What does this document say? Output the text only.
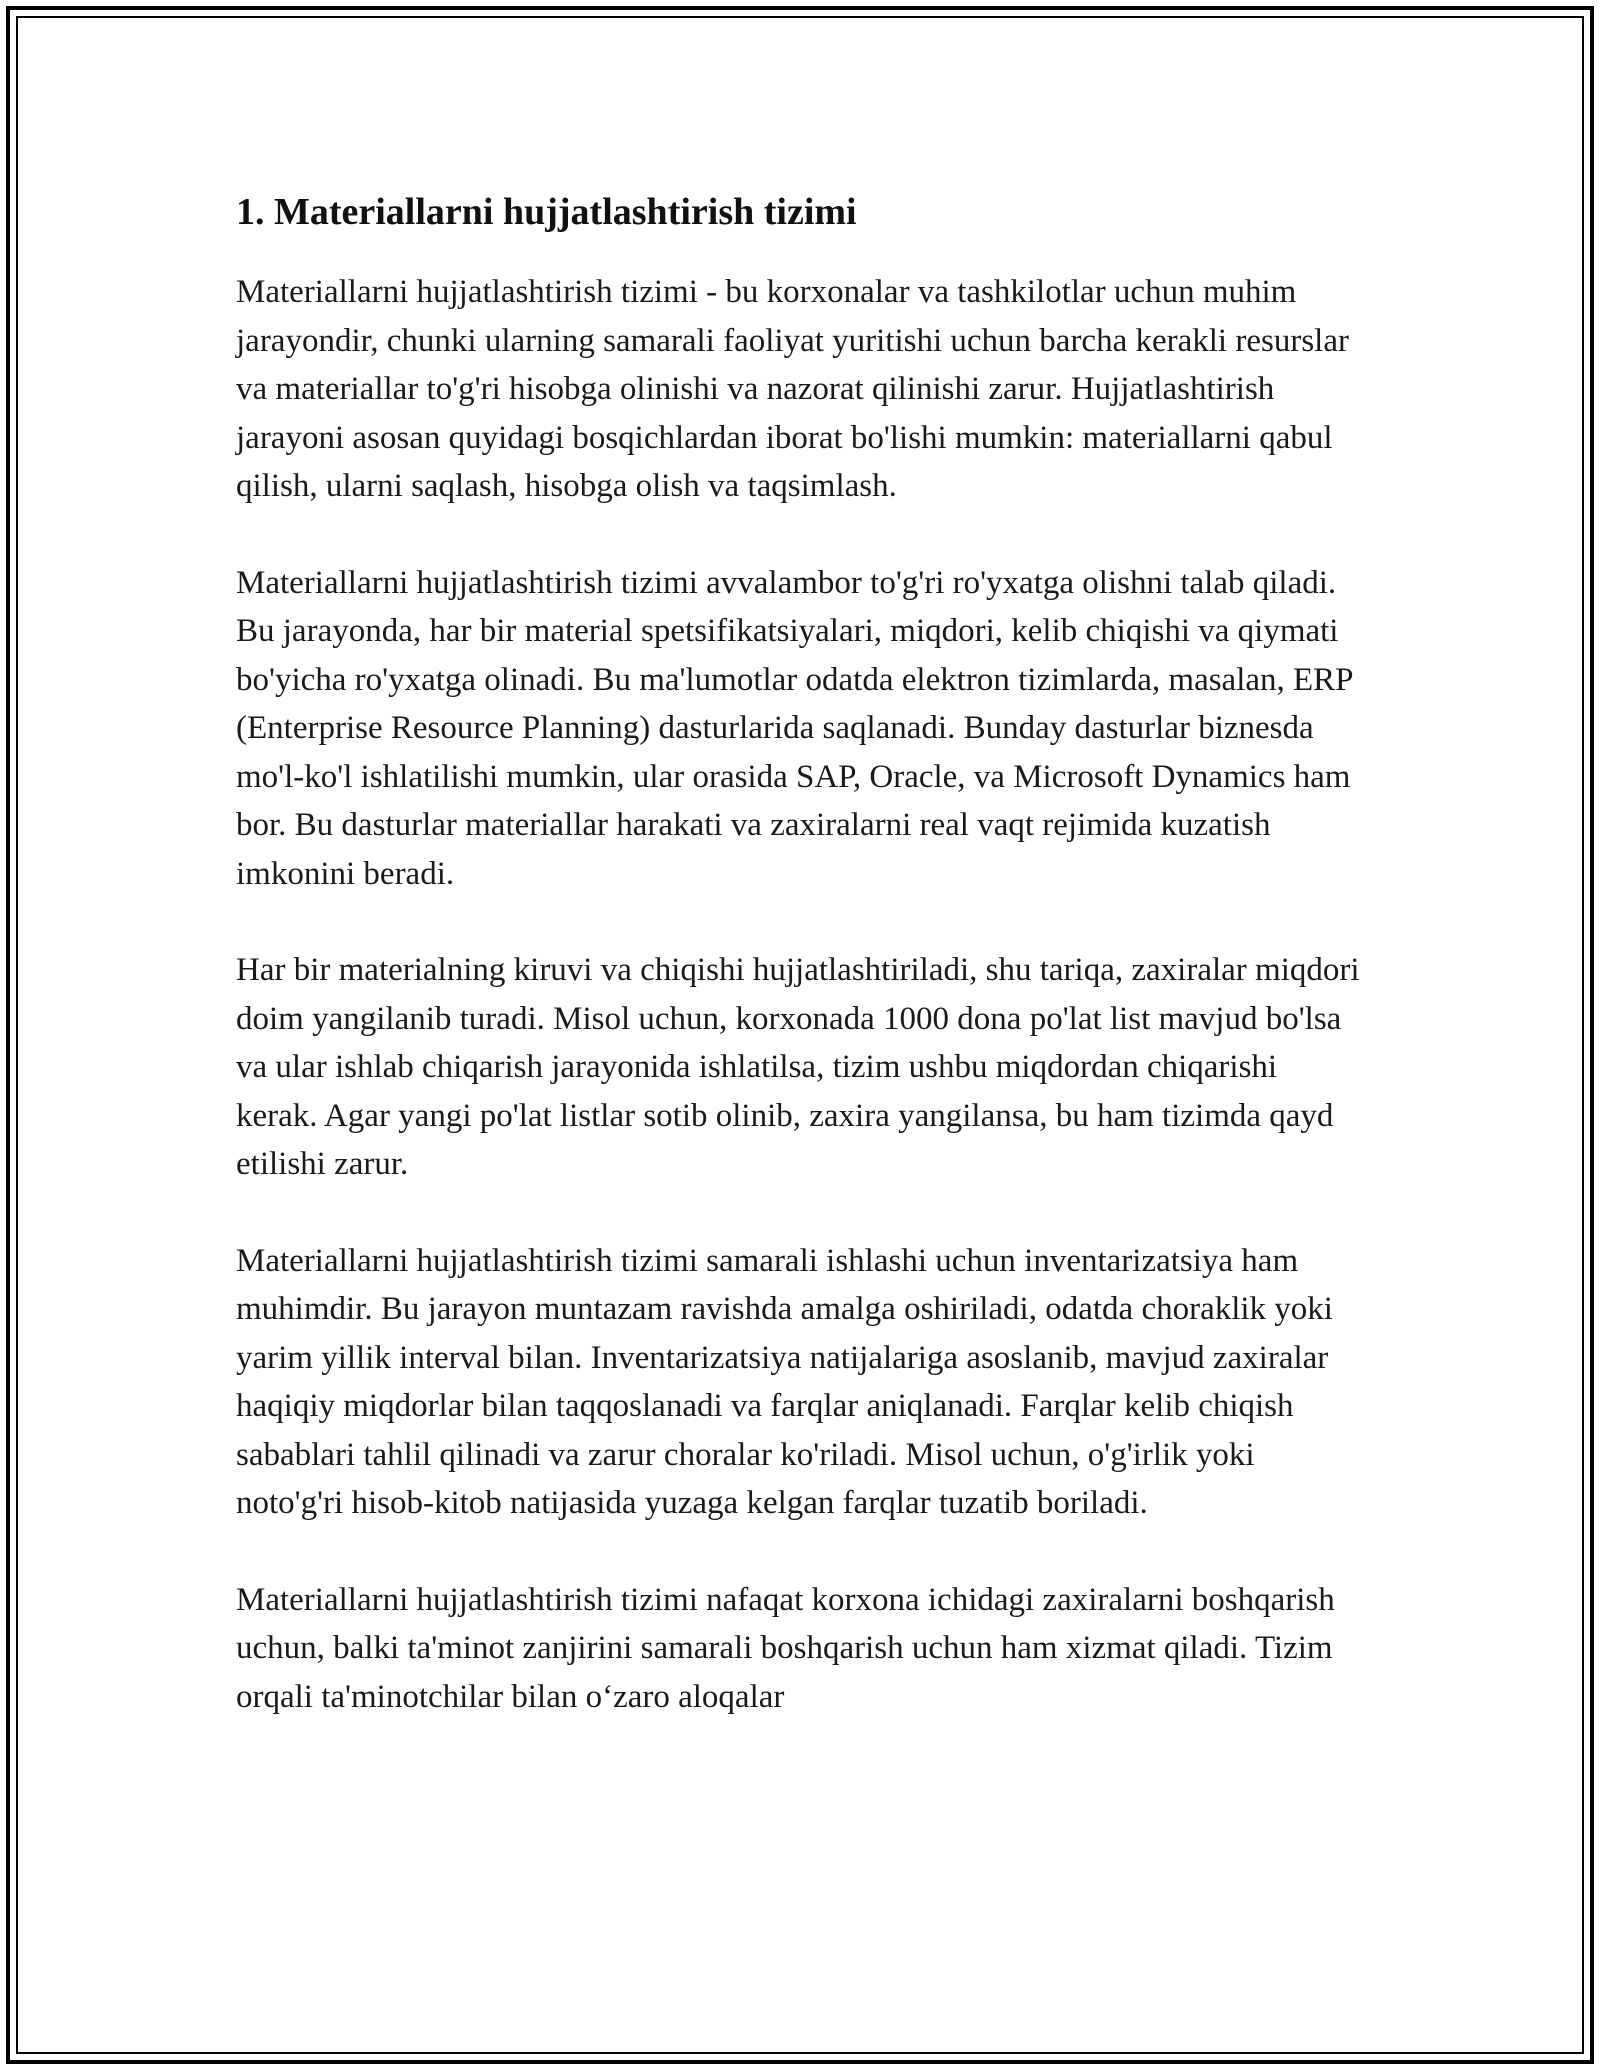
1. Materiallarni hujjatlashtirish tizimi

Materiallarni hujjatlashtirish tizimi - bu korxonalar va tashkilotlar uchun muhim jarayondir, chunki ularning samarali faoliyat yuritishi uchun barcha kerakli resurslar va materiallar to'g'ri hisobga olinishi va nazorat qilinishi zarur. Hujjatlashtirish jarayoni asosan quyidagi bosqichlardan iborat bo'lishi mumkin: materiallarni qabul qilish, ularni saqlash, hisobga olish va taqsimlash.

Materiallarni hujjatlashtirish tizimi avvalambor to'g'ri ro'yxatga olishni talab qiladi. Bu jarayonda, har bir material spetsifikatsiyalari, miqdori, kelib chiqishi va qiymati bo'yicha ro'yxatga olinadi. Bu ma'lumotlar odatda elektron tizimlarda, masalan, ERP (Enterprise Resource Planning) dasturlarida saqlanadi. Bunday dasturlar biznesda mo'l-ko'l ishlatilishi mumkin, ular orasida SAP, Oracle, va Microsoft Dynamics ham bor. Bu dasturlar materiallar harakati va zaxiralarni real vaqt rejimida kuzatish imkonini beradi.

Har bir materialning kiruvi va chiqishi hujjatlashtiriladi, shu tariqa, zaxiralar miqdori doim yangilanib turadi. Misol uchun, korxonada 1000 dona po'lat list mavjud bo'lsa va ular ishlab chiqarish jarayonida ishlatilsa, tizim ushbu miqdordan chiqarishi kerak. Agar yangi po'lat listlar sotib olinib, zaxira yangilansa, bu ham tizimda qayd etilishi zarur.

Materiallarni hujjatlashtirish tizimi samarali ishlashi uchun inventarizatsiya ham muhimdir. Bu jarayon muntazam ravishda amalga oshiriladi, odatda choraklik yoki yarim yillik interval bilan. Inventarizatsiya natijalariga asoslanib, mavjud zaxiralar haqiqiy miqdorlar bilan taqqoslanadi va farqlar aniqlanadi. Farqlar kelib chiqish sabablari tahlil qilinadi va zarur choralar ko'riladi. Misol uchun, o'g'irlik yoki noto'g'ri hisob-kitob natijasida yuzaga kelgan farqlar tuzatib boriladi.

Materiallarni hujjatlashtirish tizimi nafaqat korxona ichidagi zaxiralarni boshqarish uchun, balki ta'minot zanjirini samarali boshqarish uchun ham xizmat qiladi. Tizim orqali ta'minotchilar bilan o‘zaro aloqalar
